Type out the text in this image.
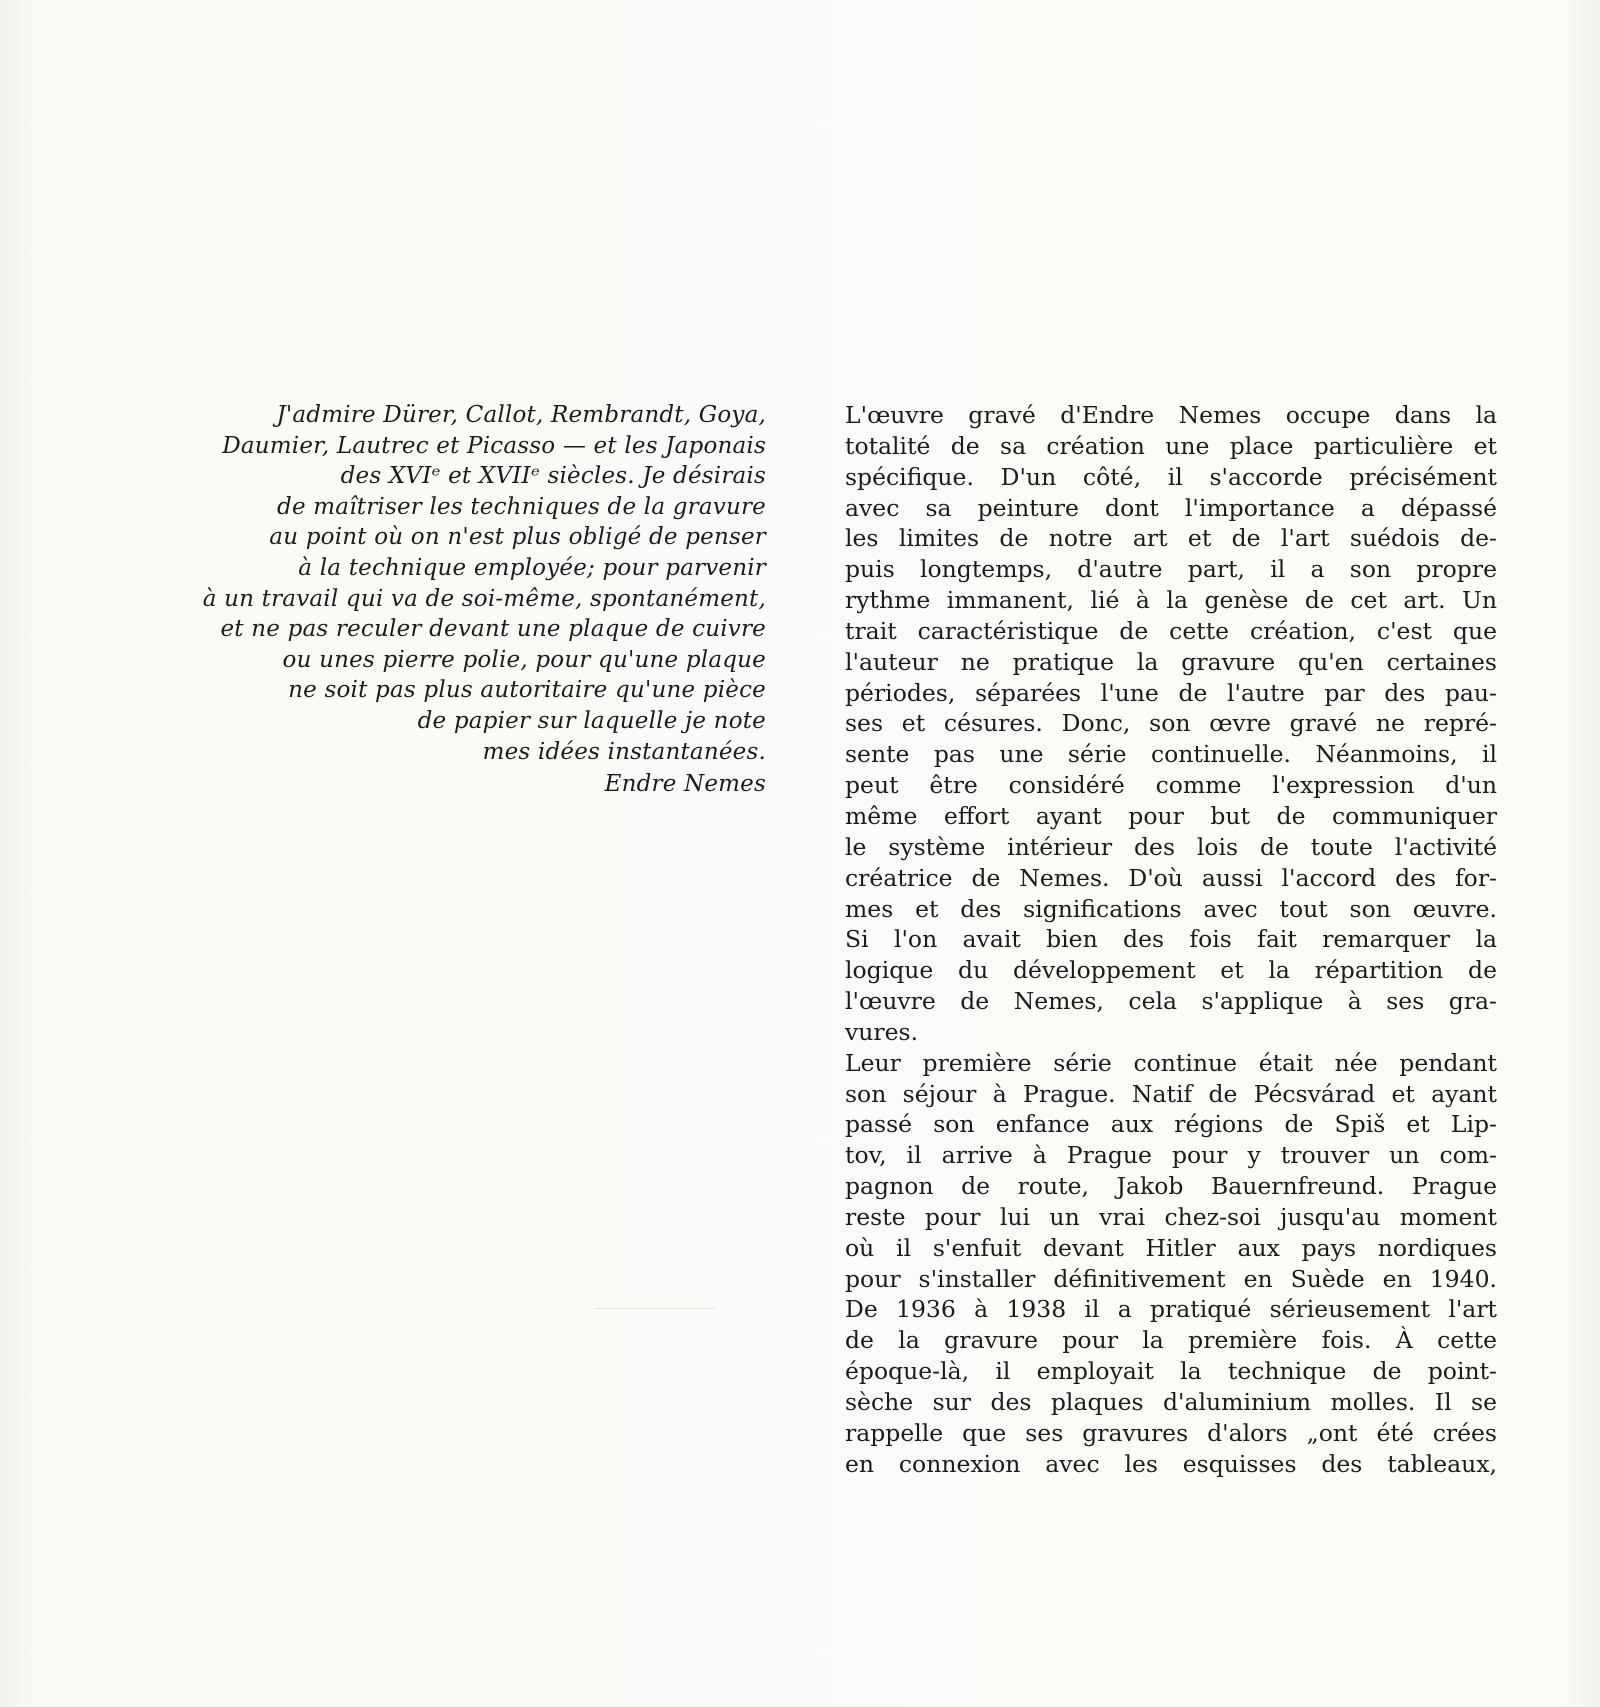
J'admire Dürer, Callot, Rembrandt, Goya,
Daumier, Lautrec et Picasso — et les Japonais
des XVIᵉ et XVIIᵉ siècles. Je désirais
de maîtriser les techniques de la gravure
au point où on n'est plus obligé de penser
à la technique employée; pour parvenir
à un travail qui va de soi-même, spontanément,
et ne pas reculer devant une plaque de cuivre
ou unes pierre polie, pour qu'une plaque
ne soit pas plus autoritaire qu'une pièce
de papier sur laquelle je note
mes idées instantanées.
Endre Nemes
L'œuvre gravé d'Endre Nemes occupe dans la
totalité de sa création une place particulière et
spécifique. D'un côté, il s'accorde précisément
avec sa peinture dont l'importance a dépassé
les limites de notre art et de l'art suédois de-
puis longtemps, d'autre part, il a son propre
rythme immanent, lié à la genèse de cet art. Un
trait caractéristique de cette création, c'est que
l'auteur ne pratique la gravure qu'en certaines
périodes, séparées l'une de l'autre par des pau-
ses et césures. Donc, son œvre gravé ne repré-
sente pas une série continuelle. Néanmoins, il
peut être considéré comme l'expression d'un
même effort ayant pour but de communiquer
le système intérieur des lois de toute l'activité
créatrice de Nemes. D'où aussi l'accord des for-
mes et des significations avec tout son œuvre.
Si l'on avait bien des fois fait remarquer la
logique du développement et la répartition de
l'œuvre de Nemes, cela s'applique à ses gra-
vures.
Leur première série continue était née pendant
son séjour à Prague. Natif de Pécsvárad et ayant
passé son enfance aux régions de Spiš et Lip-
tov, il arrive à Prague pour y trouver un com-
pagnon de route, Jakob Bauernfreund. Prague
reste pour lui un vrai chez-soi jusqu'au moment
où il s'enfuit devant Hitler aux pays nordiques
pour s'installer définitivement en Suède en 1940.
De 1936 à 1938 il a pratiqué sérieusement l'art
de la gravure pour la première fois. À cette
époque-là, il employait la technique de point-
sèche sur des plaques d'aluminium molles. Il se
rappelle que ses gravures d'alors „ont été crées
en connexion avec les esquisses des tableaux,
